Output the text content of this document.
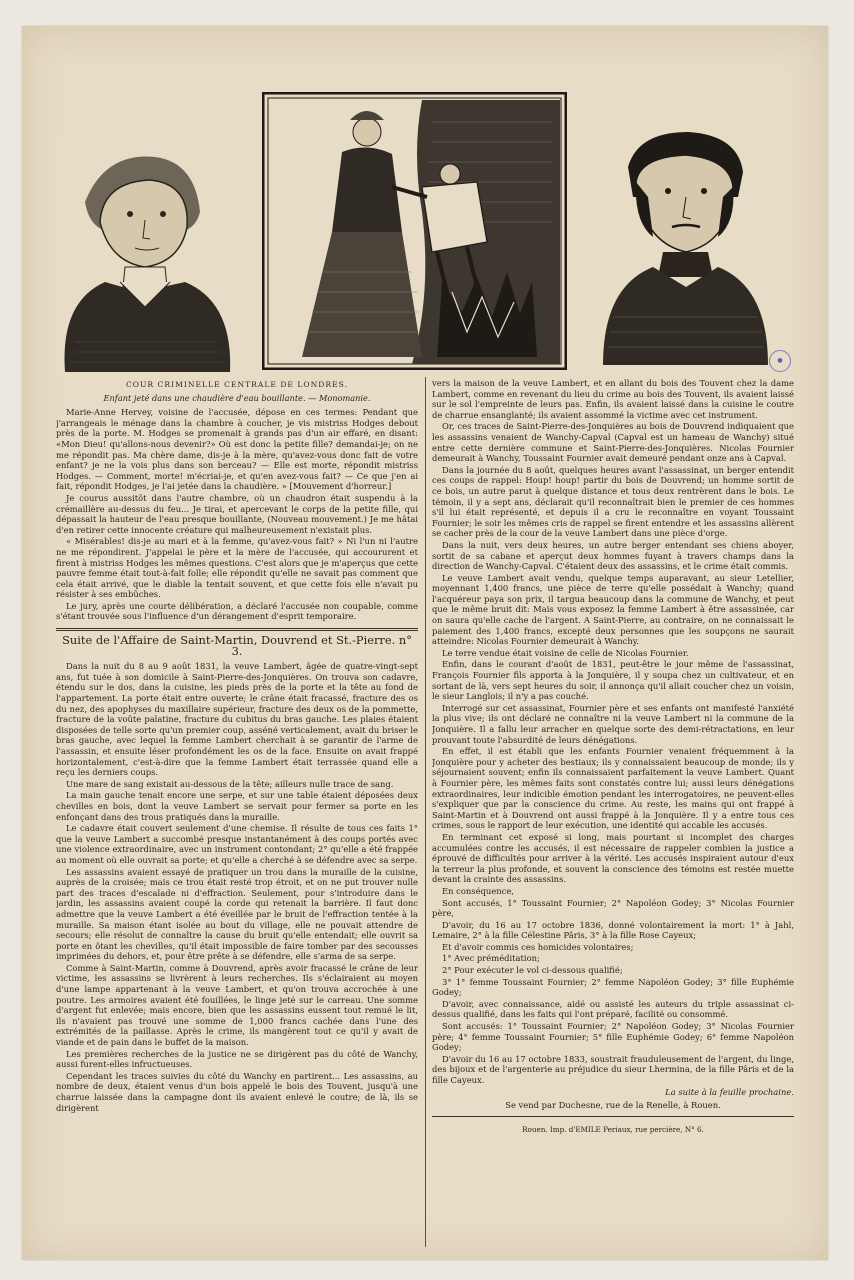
●
COUR CRIMINELLE CENTRALE DE LONDRES.
Enfant jeté dans une chaudière d'eau bouillante. — Monomanie.

Marie-Anne Hervey, voisine de l'accusée, dépose en ces termes: Pendant que j'arrangeais le ménage dans la chambre à coucher, je vis mistriss Hodges debout près de la porte. M. Hodges se promenait à grands pas d'un air effaré, en disant: «Mon Dieu! qu'allons-nous devenir?» Où est donc la petite fille? demandai-je; on ne me répondit pas. Ma chère dame, dis-je à la mère, qu'avez-vous donc fait de votre enfant? je ne la vois plus dans son berceau? — Elle est morte, répondit mistriss Hodges. — Comment, morte! m'écriai-je, et qu'en avez-vous fait? — Ce que j'en ai fait, répondit Hodges, je l'ai jetée dans la chaudière. » [Mouvement d'horreur.]

Je courus aussitôt dans l'autre chambre, où un chaudron était suspendu à la crémaillère au-dessus du feu... Je tirai, et apercevant le corps de la petite fille, qui dépassait la hauteur de l'eau presque bouillante, (Nouveau mouvement.) Je me hâtai d'en retirer cette innocente créature qui malheureusement n'existait plus.

« Misérables! dis-je au mari et à la femme, qu'avez-vous fait? » Ni l'un ni l'autre ne me répondirent. J'appelai le père et la mère de l'accusée, qui accoururent et firent à mistriss Hodges les mêmes questions. C'est alors que je m'aperçus que cette pauvre femme était tout-à-fait folle; elle répondit qu'elle ne savait pas comment que cela était arrivé, que le diable la tentait souvent, et que cette fois elle n'avait pu résister à ses embûches.

Le jury, après une courte délibération, a déclaré l'accusée non coupable, comme s'étant trouvée sous l'influence d'un dérangement d'esprit temporaire.

Suite de l'Affaire de Saint-Martin, Douvrend et St.-Pierre. n° 3.

Dans la nuit du 8 au 9 août 1831, la veuve Lambert, âgée de quatre-vingt-sept ans, fut tuée à son domicile à Saint-Pierre-des-Jonquières. On trouva son cadavre, étendu sur le dos, dans la cuisine, les pieds près de la porte et la tête au fond de l'appartement. La porte était entre ouverte; le crâne était fracassé, fracture des os du nez, des apophyses du maxillaire supérieur, fracture des deux os de la pommette, fracture de la voûte palatine, fracture du cubitus du bras gauche. Les plaies étaient disposées de telle sorte qu'un premier coup, asséné verticalement, avait du briser le bras gauche, avec lequel la femme Lambert cherchait à se garantir de l'arme de l'assassin, et ensuite léser profondément les os de la face. Ensuite on avait frappé horizontalement, c'est-à-dire que la femme Lambert était terrassée quand elle a reçu les derniers coups.

Une mare de sang existait au-dessous de la tête; ailleurs nulle trace de sang.

La main gauche tenait encore une serpe, et sur une table étaient déposées deux chevilles en bois, dont la veuve Lambert se servait pour fermer sa porte en les enfonçant dans des trous pratiqués dans la muraille.

Le cadavre était couvert seulement d'une chemise. Il résulte de tous ces faits 1° que la veuve Lambert a succombé presque instantanément à des coups portés avec une violence extraordinaire, avec un instrument contondant; 2° qu'elle a été frappée au moment où elle ouvrait sa porte; et qu'elle a cherché à se défendre avec sa serpe.

Les assassins avaient essayé de pratiquer un trou dans la muraille de la cuisine, auprès de la croisée; mais ce trou était resté trop étroit, et on ne put trouver nulle part des traces d'escalade ni d'effraction. Seulement, pour s'introduire dans le jardin, les assassins avaient coupé la corde qui retenait la barrière. Il faut donc admettre que la veuve Lambert a été éveillée par le bruit de l'effraction tentée à la muraille. Sa maison étant isolée au bout du village, elle ne pouvait attendre de secours; elle résolut de connaître la cause du bruit qu'elle entendait; elle ouvrit sa porte en ôtant les chevilles, qu'il était impossible de faire tomber par des secousses imprimées du dehors, et, pour être prête à se défendre, elle s'arma de sa serpe.

Comme à Saint-Martin, comme à Douvrend, après avoir fracassé le crâne de leur victime, les assassins se livrèrent à leurs recherches. Ils s'éclairaient au moyen d'une lampe appartenant à la veuve Lambert, et qu'on trouva accrochée à une poutre. Les armoires avaient été fouillées, le linge jeté sur le carreau. Une somme d'argent fut enlevée; mais encore, bien que les assassins eussent tout remué le lit, ils n'avaient pas trouvé une somme de 1,000 francs cachée dans l'une des extrémités de la paillasse. Après le crime, ils mangèrent tout ce qu'il y avait de viande et de pain dans le buffet de la maison.

Les premières recherches de la justice ne se dirigèrent pas du côté de Wanchy, aussi furent-elles infructueuses.

Cependant les traces suivies du côté du Wanchy en partirent... Les assassins, au nombre de deux, étaient venus d'un bois appelé le bois des Touvent, jusqu'à une charrue laissée dans la campagne dont ils avaient enlevé le coutre; de là, ils se dirigèrent

vers la maison de la veuve Lambert, et en allant du bois des Touvent chez la dame Lambert, comme en revenant du lieu du crime au bois des Touvent, ils avaient laissé sur le sol l'empreinte de leurs pas. Enfin, ils avaient laissé dans la cuisine le coutre de charrue ensanglanté; ils avaient assommé la victime avec cet instrument.

Or, ces traces de Saint-Pierre-des-Jonquières au bois de Douvrend indiquaient que les assassins venaient de Wanchy-Capval (Capval est un hameau de Wanchy) situé entre cette dernière commune et Saint-Pierre-des-Jonquières. Nicolas Fournier demeurait à Wanchy, Toussaint Fournier avait demeuré pendant onze ans à Capval.

Dans la journée du 8 août, quelques heures avant l'assassinat, un berger entendit ces coups de rappel: Houp! houp! partir du bois de Douvrend; un homme sortit de ce bois, un autre parut à quelque distance et tous deux rentrèrent dans le bois. Le témoin, il y a sept ans, déclarait qu'il reconnaîtrait bien le premier de ces hommes s'il lui était représenté, et depuis il a cru le reconnaître en voyant Toussaint Fournier; le soir les mêmes cris de rappel se firent entendre et les assassins allèrent se cacher près de la cour de la veuve Lambert dans une pièce d'orge.

Dans la nuit, vers deux heures, un autre berger entendant ses chiens aboyer, sortit de sa cabane et aperçut deux hommes fuyant à travers champs dans la direction de Wanchy-Capval. C'étaient deux des assassins, et le crime était commis.

Le veuve Lambert avait vendu, quelque temps auparavant, au sieur Letellier, moyennant 1,400 francs, une pièce de terre qu'elle possédait à Wanchy; quand l'acquéreur paya son prix, il targua beaucoup dans la commune de Wanchy, et peut que le même bruit dit: Mais vous exposez la femme Lambert à être assassinée, car on saura qu'elle cache de l'argent. A Saint-Pierre, au contraire, on ne connaissait le paiement des 1,400 francs, excepté deux personnes que les soupçons ne saurait atteindre: Nicolas Fournier demeurait à Wanchy.

Le terre vendue était voisine de celle de Nicolas Fournier.

Enfin, dans le courant d'août de 1831, peut-être le jour même de l'assassinat, François Fournier fils apporta à la Jonquière, il y soupa chez un cultivateur, et en sortant de là, vers sept heures du soir, il annonça qu'il allait coucher chez un voisin, le sieur Langlois; il n'y a pas couché.

Interrogé sur cet assassinat, Fournier père et ses enfants ont manifesté l'anxiété la plus vive; ils ont déclaré ne connaître ni la veuve Lambert ni la commune de la Jonquière. Il a fallu leur arracher en quelque sorte des demi-rétractations, en leur prouvant toute l'absurdité de leurs dénégations.

En effet, il est établi que les enfants Fournier venaient fréquemment à la Jonquière pour y acheter des bestiaux; ils y connaissaient beaucoup de monde; ils y séjournaient souvent; enfin ils connaissaient parfaitement la veuve Lambert. Quant à Fournier père, les mêmes faits sont constatés contre lui; aussi leurs dénégations extraordinaires, leur indicible émotion pendant les interrogatoires, ne peuvent-elles s'expliquer que par la conscience du crime. Au reste, les mains qui ont frappé à Saint-Martin et à Douvrend ont aussi frappé à la Jonquière. Il y a entre tous ces crimes, sous le rapport de leur exécution, une identité qui accable les accusés.

En terminant cet exposé si long, mais pourtant si incomplet des charges accumulées contre les accusés, il est nécessaire de rappeler combien la justice a éprouvé de difficultés pour arriver à la vérité. Les accusés inspiraient autour d'eux la terreur la plus profonde, et souvent la conscience des témoins est restée muette devant la crainte des assassins.

En conséquence,

Sont accusés, 1° Toussaint Fournier; 2° Napoléon Godey; 3° Nicolas Fournier père,

D'avoir, du 16 au 17 octobre 1836, donné volontairement la mort: 1° à Jahl, Lemaire, 2° à la fille Célestine Pâris, 3° à la fille Rose Cayeux;

Et d'avoir commis ces homicides volontaires;

1° Avec préméditation;

2° Pour exécuter le vol ci-dessous qualifié;

3° 1° femme Toussaint Fournier; 2° femme Napoléon Godey; 3° fille Euphémie Godey;

D'avoir, avec connaissance, aidé ou assisté les auteurs du triple assassinat ci-dessus qualifié, dans les faits qui l'ont préparé, facilité ou consommé.

Sont accusés: 1° Toussaint Fournier; 2° Napoléon Godey; 3° Nicolas Fournier père; 4° femme Toussaint Fournier; 5° fille Euphémie Godey; 6° femme Napoléon Godey;

D'avoir du 16 au 17 octobre 1833, soustrait frauduleusement de l'argent, du linge, des bijoux et de l'argenterie au préjudice du sieur Lhermina, de la fille Pâris et de la fille Cayeux.

La suite à la feuille prochaine.
Se vend par Duchesne, rue de la Renelle, à Rouen.
Rouen. Imp. d'EMILE Periaux, rue percière, N° 6.
